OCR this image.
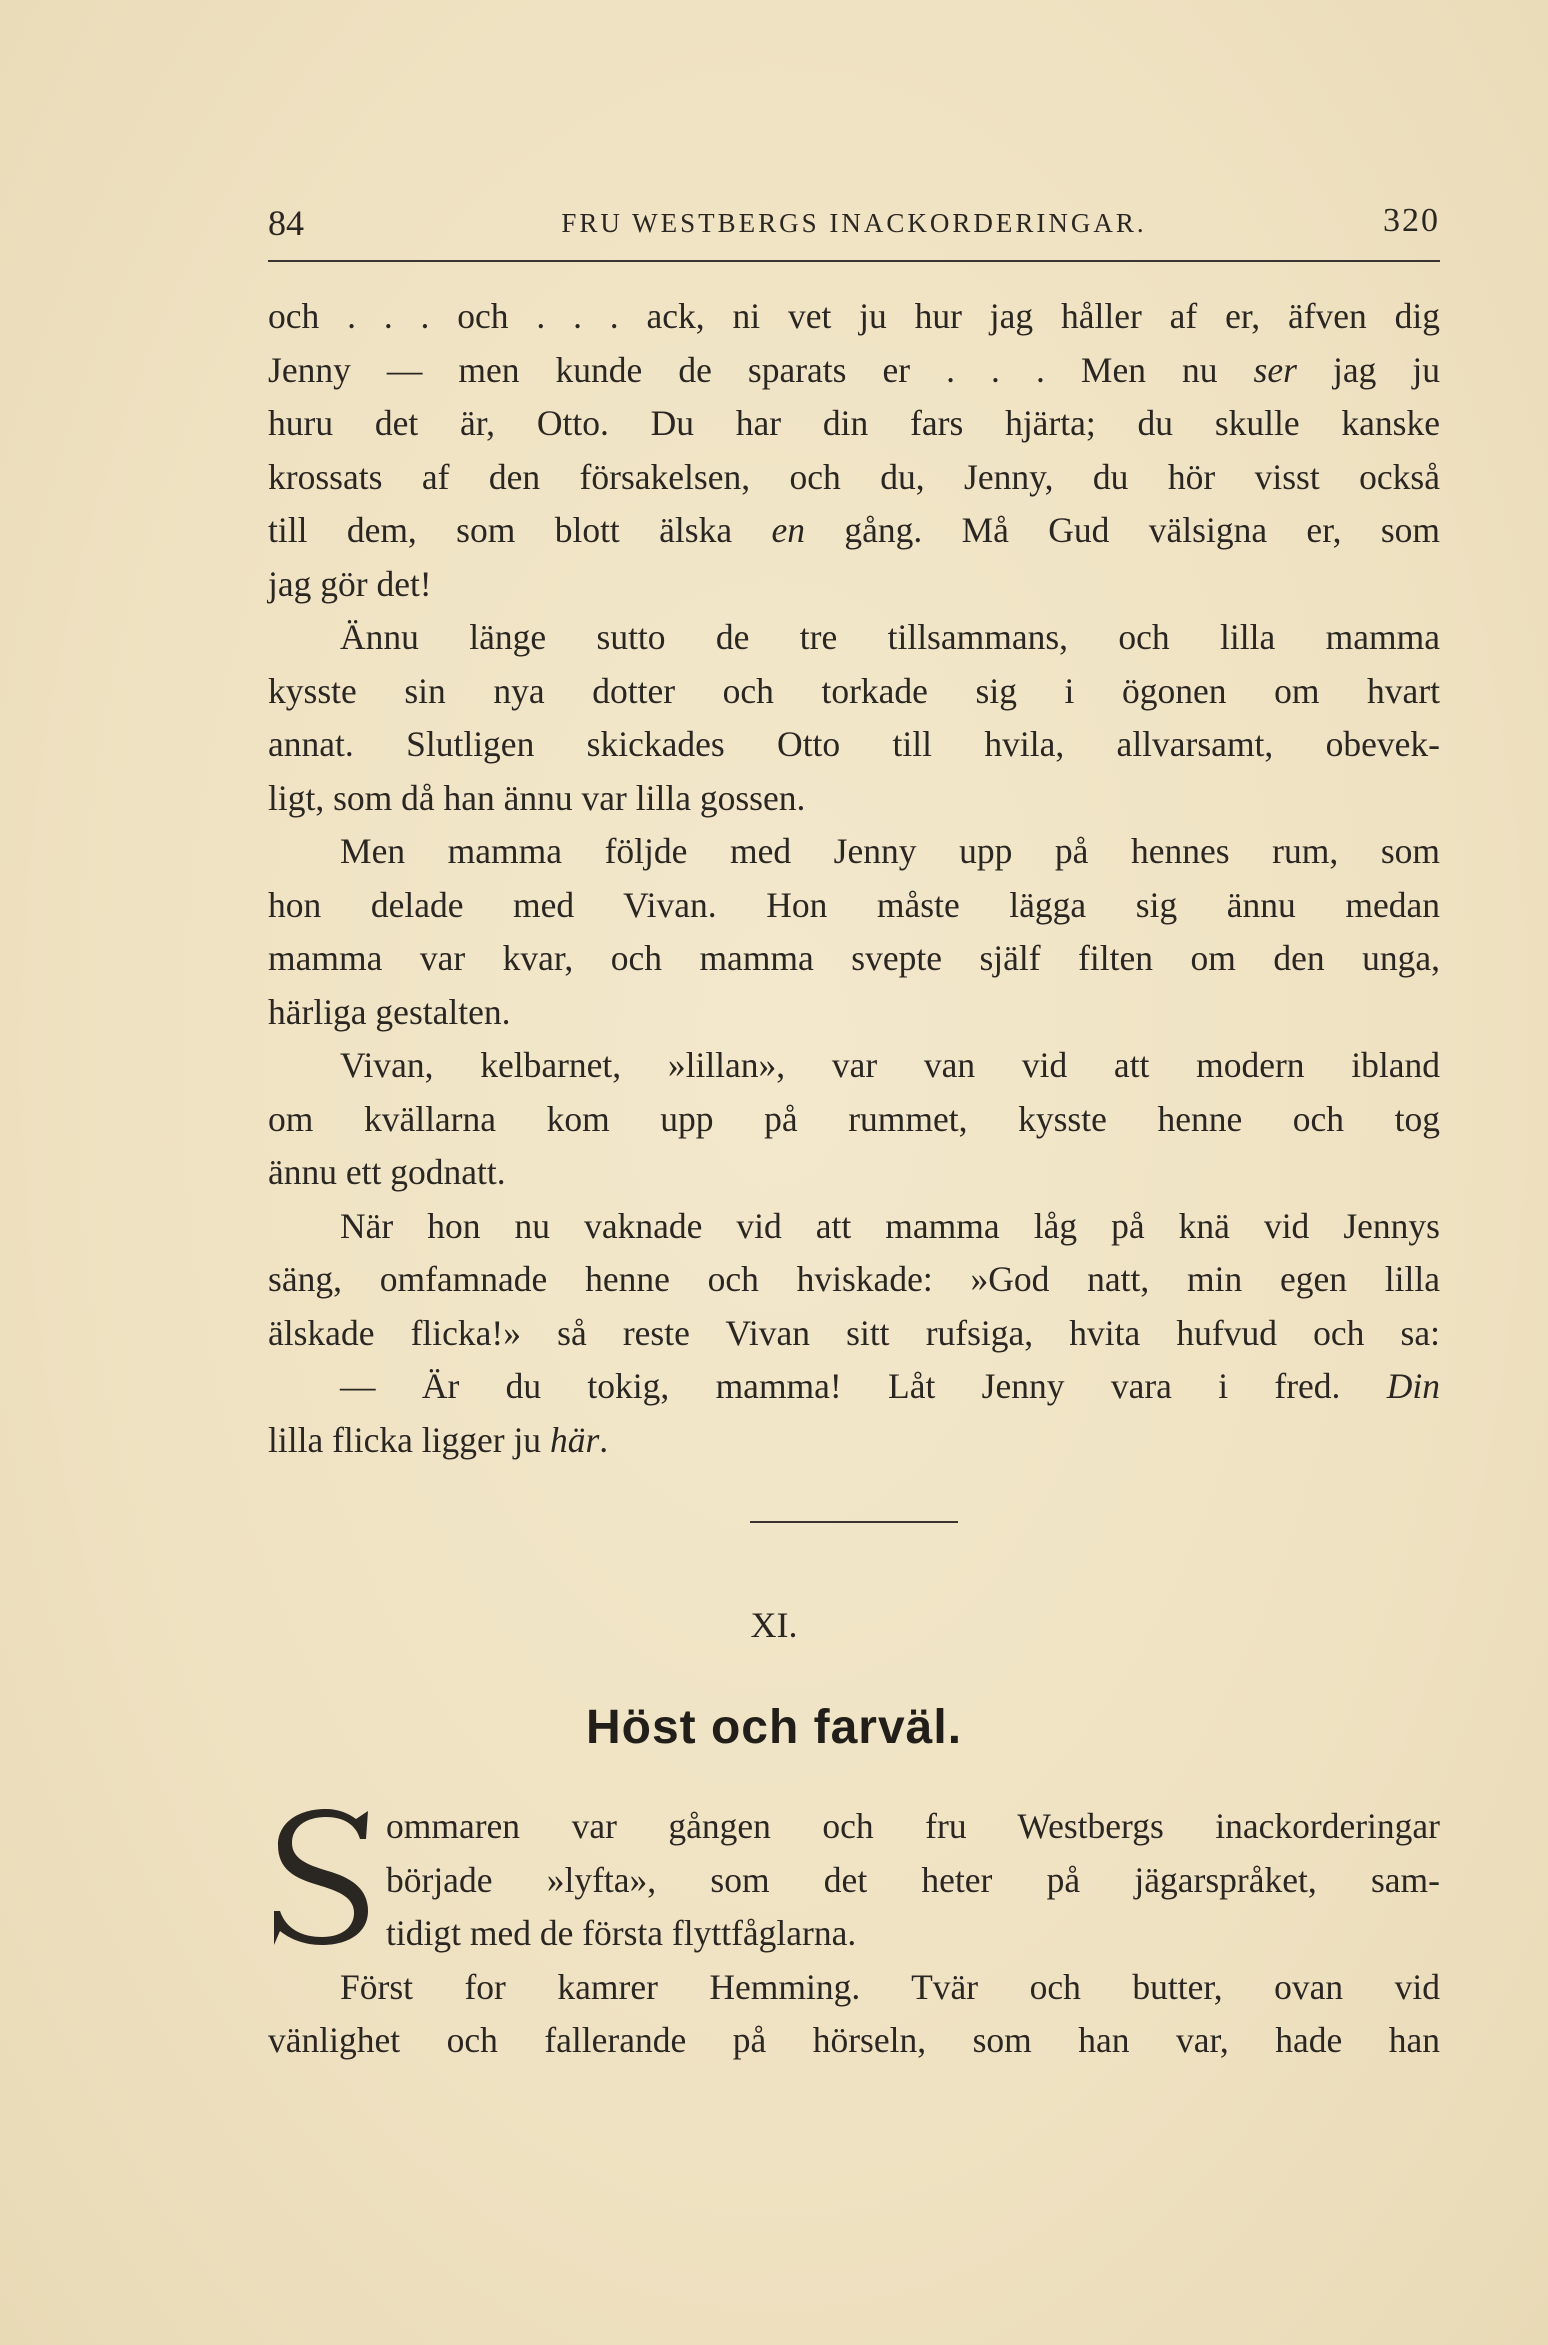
84	FRU WESTBERGS INACKORDERINGAR.	320
och . . . och . . . ack, ni vet ju hur jag håller af er, äfven dig
Jenny — men kunde de sparats er . . . Men nu ser jag ju
huru det är, Otto. Du har din fars hjärta; du skulle kanske
krossats af den försakelsen, och du, Jenny, du hör visst också
till dem, som blott älska en gång. Må Gud välsigna er, som
jag gör det!
Ännu länge sutto de tre tillsammans, och lilla mamma
kysste sin nya dotter och torkade sig i ögonen om hvart
annat. Slutligen skickades Otto till hvila, allvarsamt, obevek-
ligt, som då han ännu var lilla gossen.
Men mamma följde med Jenny upp på hennes rum, som
hon delade med Vivan. Hon måste lägga sig ännu medan
mamma var kvar, och mamma svepte själf filten om den unga,
härliga gestalten.
Vivan, kelbarnet, »lillan», var van vid att modern ibland
om kvällarna kom upp på rummet, kysste henne och tog
ännu ett godnatt.
När hon nu vaknade vid att mamma låg på knä vid Jennys
säng, omfamnade henne och hviskade: »God natt, min egen lilla
älskade flicka!» så reste Vivan sitt rufsiga, hvita hufvud och sa:
— Är du tokig, mamma! Låt Jenny vara i fred. Din
lilla flicka ligger ju här.
XI.
Höst och farväl.
ommaren var gången och fru Westbergs inackorderingar
började »lyfta», som det heter på jägarspråket, sam-
tidigt med de första flyttfåglarna.
Först for kamrer Hemming. Tvär och butter, ovan vid
vänlighet och fallerande på hörseln, som han var, hade han
